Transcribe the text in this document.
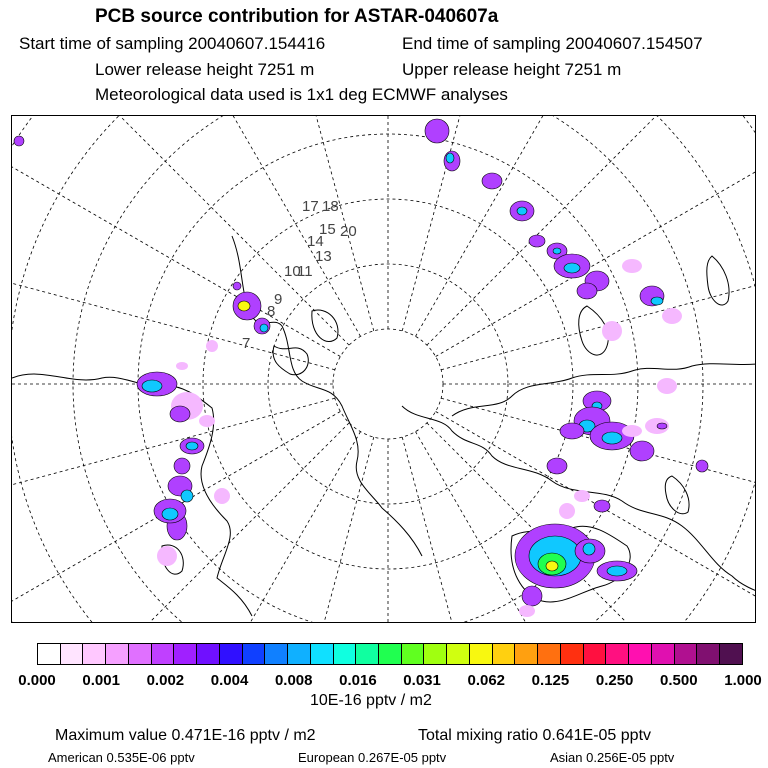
PCB source contribution for ASTAR-040607a
Start time of sampling 20040607.154416	End time of sampling 20040607.154507
Lower release height 7251 m	Upper release height 7251 m
Meteorological data used is 1x1 deg ECMWF analyses
17 18
20
15
14
13
11
10
9
8
7
0.000 0.001 0.002 0.004 0.008 0.016 0.031 0.062 0.125 0.250 0.500 1.000
10E-16 pptv / m2
Maximum value 0.471E-16 pptv / m2	Total mixing ratio 0.641E-05 pptv
American 0.535E-06 pptv	European 0.267E-05 pptv	Asian 0.256E-05 pptv
